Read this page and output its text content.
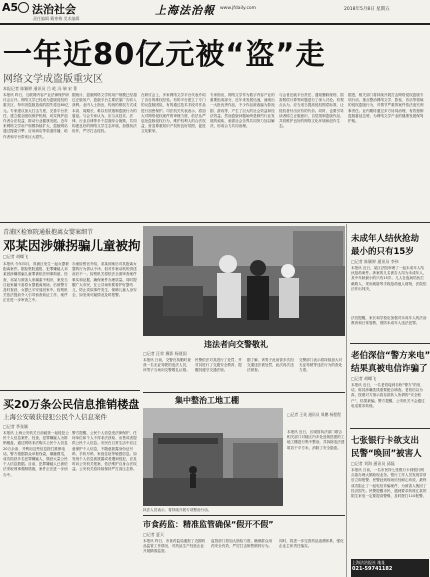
A5 法治社会
责任编辑 戴寒梅 美术编辑
上海法治報 www.jfdaily.com	2018年5月8日 星期五
一年近80亿元被“盗”走
网络文学成盗版重灾区
本报记者 陈颖婷 通讯员 吕 屹 冯 瑞 宋 菁
本报讯 昨日，互联网内容产业法律保护研讨会召开。网络文学已经成为盗版侵权的重灾区，每年因盗版造成的损失将近80亿元。专家建议加大打击力度，完善平台责任，建立健全版权保护机制，切实保护创作者合法权益，推动行业健康发展。近年来网络文学用户规模持续扩大，盗版网站通过搜索引擎、应用商店等渠道传播，给作者和平台带来巨大损失。
据统计，盗版网络文学的用户规模已经超过正版用户，盗版平台主要依靠广告收入获利。业内人士指出，传统的维权方式成本高、周期长，难以有效遏制盗版行为的蔓延。与会专家认为，应当从技术、法律、行业自律等多个层面综合施策，共同构建良好的网络文学生态环境，加强执法协作，严厉打击侵权。
在研讨会上，多家网络文学平台代表介绍了各自的维权经验。有的平台建立了专门的反盗版团队，有的通过技术手段对作品进行加密保护。司法机关代表表示，将加大对网络侵权案件的审理力度，依法从严惩处盗版侵权行为，维护权利人的合法权益，营造尊重知识产权的良好氛围，促进文化繁荣。
专家指出，网络文学作为数字内容产业的重要组成部分，近年来发展迅速，涌现出一大批优秀作品，不少作品被改编为影视剧、游戏等，产生了巨大的社会效益和经济效益。然而盗版问题始终是制约行业发展的顽疾，亟需社会各界共同努力加以解决，形成合力共同治理。
与会者还就平台责任、通知删除规则、损害赔偿计算等问题进行了深入讨论。有观点认为，应当适当提高侵权赔偿标准，让侵权者付出应有的代价。同时，也要引导读者树立正版意识，自觉抵制盗版作品，共同维护良好的网络文化环境和创作生态。
据悉，相关部门将持续开展打击网络侵权盗版专项行动，重点整治网络文学、影视、音乐等领域的侵权盗版行为，对情节严重的案件依法追究刑事责任。业内期待通过多方协同治理，有效遏制盗版蔓延态势，为网络文学产业的健康发展保驾护航。
青浦区检察院通报抱离女婴案细节
邓某因涉嫌拐骗儿童被拘
□记者 胡蝶飞
本报讯 今年四月，青浦区发生一起女婴被抱离案件。据检察院通报，犯罪嫌疑人邓某因涉嫌拐骗儿童罪被依法刑事拘留。经查，邓某与被害人家属素不相识，案发当日趁家属不备将女婴抱离现场，后被警方及时查获，女婴已平安返回家中。检察机关依法提前介入引导侦查取证工作，案件正在进一步审查之中。
办案检察官介绍，邓某到案后对其抱离女婴的行为供认不讳，但对作案动机的供述前后不一。检察机关将依法全面审查案件事实和证据，确保案件办理质量。同时提醒广大市民，在公共场所要看护好婴幼儿，防止类似事件发生，保障儿童人身安全，如发现可疑情况及时报警。
违法者向交警敬礼
□记者 汪荣 摄影 杨建国
本报讯 日前，交警在执勤时查获一名无证驾驶的违法人员，该男子当场向交警敬礼认错。
民警依法对其进行了处罚，并对其进行了交通安全教育，提醒其遵守交通法规。
据了解，该男子此前曾多次因交通违法被处罚，此次再次违法被查。
交警部门表示将持续加大对无证驾驶等违法行为的查处力度。
未成年人结伙抢劫
最小的只有15岁
□记者 陈颖婷 通讯员 李伟
本报讯 近日，某区法院审理了一起未成年人结伙抢劫案件。涉案的几名被告人均为未成年人，其中年龄最小的只有15岁。几人在夜间结伙拦截路人，采用威胁等手段抢劫他人财物，法院依法作出判决。
法官提醒，家长和学校应加强对未成年人的法治教育和日常管教，预防未成年人违法犯罪。
老伯深信“警方来电”
结果真被电信诈骗了
□记者 胡蝶飞
本报讯 近日，一名老伯接到自称“警方”的电话，称其涉嫌洗钱需要配合调查。老伯信以为真，按照对方指示将存款转入所谓的“安全账户”，结果被骗。警方提醒，公安机关不会通过电话要求转账。
七张银行卡欲支出
民警“唤回”被害人
□记者 刘海 通讯员 邱磊
本报讯 日前，一名市民持七张银行卡到银行网点欲办理大额取现业务。银行工作人员发现异常后立即报警，民警赶到现场后经耐心劝说，最终成功阻止了一起电信诈骗案件，为被害人挽回了经济损失。民警提醒市民，遇到要求转账汇款的陌生来电一定要提高警惕，及时拨打110报警。
上海法治报社 地址
021-59741182
集中整治工地工棚
□记者 王英 通讯员 周鹏 杨程程
本报讯 近日，区城管执法部门联合相关部门对辖区内多处违规搭建的工地工棚进行集中整治，共拆除违法建筑若干平方米，消除了安全隐患。
执法人员表示，将持续开展专项整治行动。
市食药监：精准监管确保“假开不假”
□记者 夏天
本报讯 昨日，市食药监局通报了近期药品监管工作情况，对药品生产经营企业开展精准监管。
监管部门将加大抽检力度，确保群众用药安全有效，严厉打击制售假药行为。
同时，将进一步完善药品追溯体系，强化企业主体责任落实。
买20万条公民信息推销楼盘
上海公安破获侵犯公民个人信息案件
□记者 季张颖
本报讯 上海公安机关日前破获一起侵犯公民个人信息案件。经查，犯罪嫌疑人为推销楼盘，通过网络非法购买公民个人信息20万余条，并利用这些信息拨打推销电话。警方根据群众举报线索，顺藤摸瓜，成功抓获多名犯罪嫌疑人，缴获大量公民个人信息数据。目前，犯罪嫌疑人已被依法采取刑事强制措施，案件正在进一步侦办中。
警方提醒，公民个人信息受法律保护，任何单位和个人不得非法获取、出售或者提供公民个人信息。市民在日常生活中应注意保护个人信息，不随意泄露身份证号码、手机号码、家庭住址等敏感信息。如发现个人信息被泄露或者遭到侵犯，应及时向公安机关报案，依法维护自身合法权益。公安机关将持续保持严打高压态势。
